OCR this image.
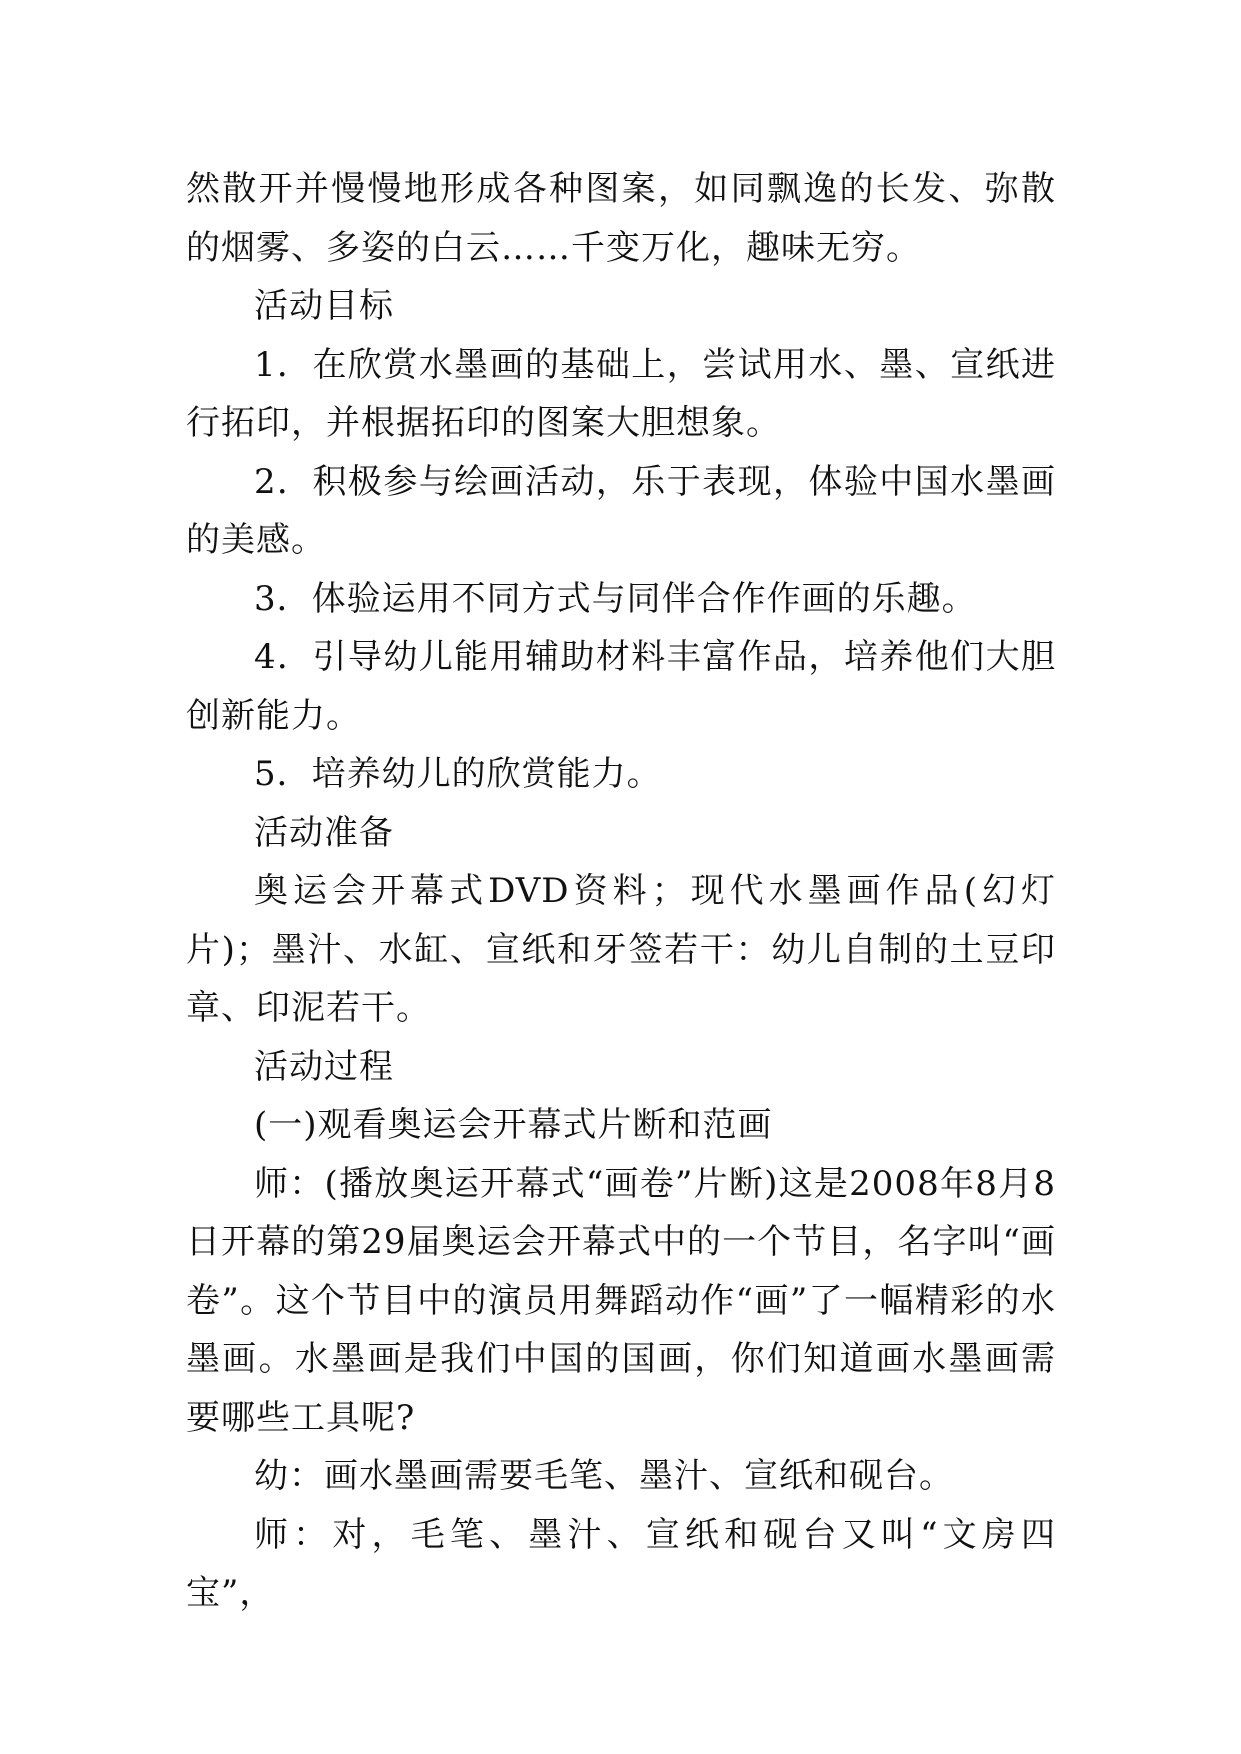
然散开并慢慢地形成各种图案，如同飘逸的长发、弥散的烟雾、多姿的白云……千变万化，趣味无穷。

活动目标

1．在欣赏水墨画的基础上，尝试用水、墨、宣纸进行拓印，并根据拓印的图案大胆想象。

2．积极参与绘画活动，乐于表现，体验中国水墨画的美感。

3．体验运用不同方式与同伴合作作画的乐趣。

4．引导幼儿能用辅助材料丰富作品，培养他们大胆创新能力。

5．培养幼儿的欣赏能力。

活动准备

奥运会开幕式DVD资料；现代水墨画作品(幻灯片)；墨汁、水缸、宣纸和牙签若干：幼儿自制的土豆印章、印泥若干。

活动过程

(一)观看奥运会开幕式片断和范画

师：(播放奥运开幕式“画卷”片断)这是2008年8月8日开幕的第29届奥运会开幕式中的一个节目，名字叫“画卷”。这个节目中的演员用舞蹈动作“画”了一幅精彩的水墨画。水墨画是我们中国的国画，你们知道画水墨画需要哪些工具呢?

幼：画水墨画需要毛笔、墨汁、宣纸和砚台。

师：对，毛笔、墨汁、宣纸和砚台又叫“文房四宝”，
